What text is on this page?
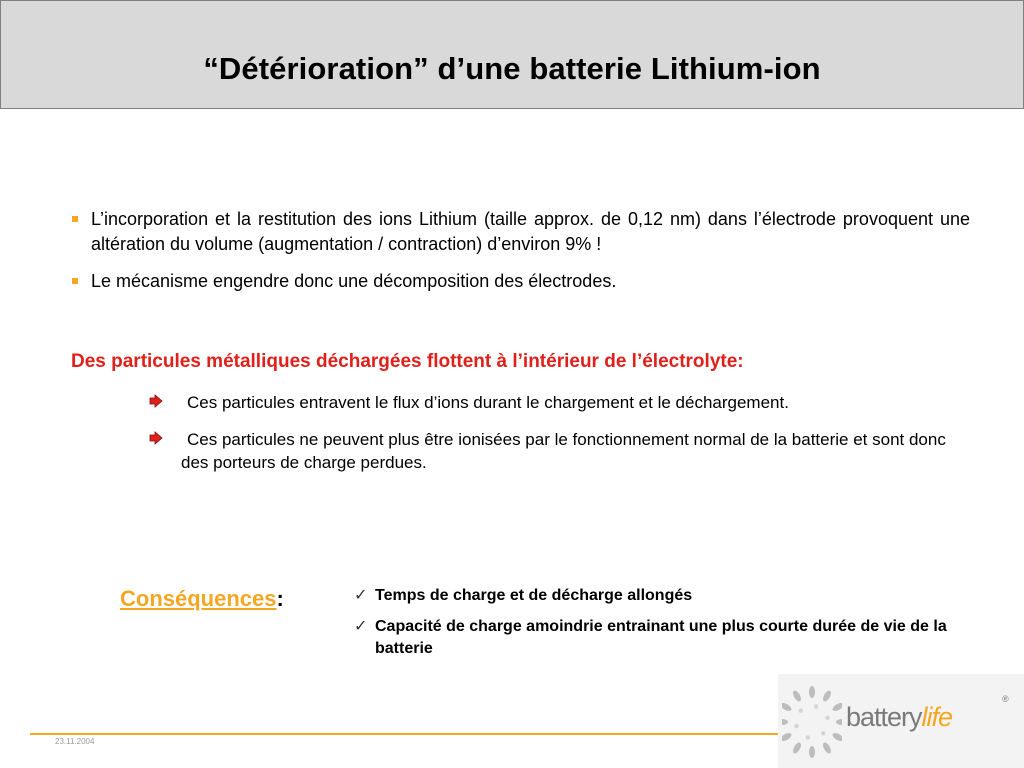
“Détérioration” d’une batterie Lithium-ion
L’incorporation et la restitution des ions Lithium (taille approx. de 0,12 nm) dans l’électrode provoquent une altération du volume (augmentation / contraction) d’environ 9% !
Le mécanisme engendre donc une décomposition des électrodes.
Des particules métalliques déchargées flottent à l’intérieur de l’électrolyte:
Ces particules entravent le flux d’ions durant le chargement et le déchargement.
Ces particules ne peuvent plus être ionisées par le fonctionnement normal de la batterie et sont donc des porteurs de charge perdues.
Conséquences:	✓ Temps de charge et de décharge allongés
✓ Capacité de charge amoindrie entrainant une plus courte durée de vie de la batterie
23.11.2004
batterylife
®
